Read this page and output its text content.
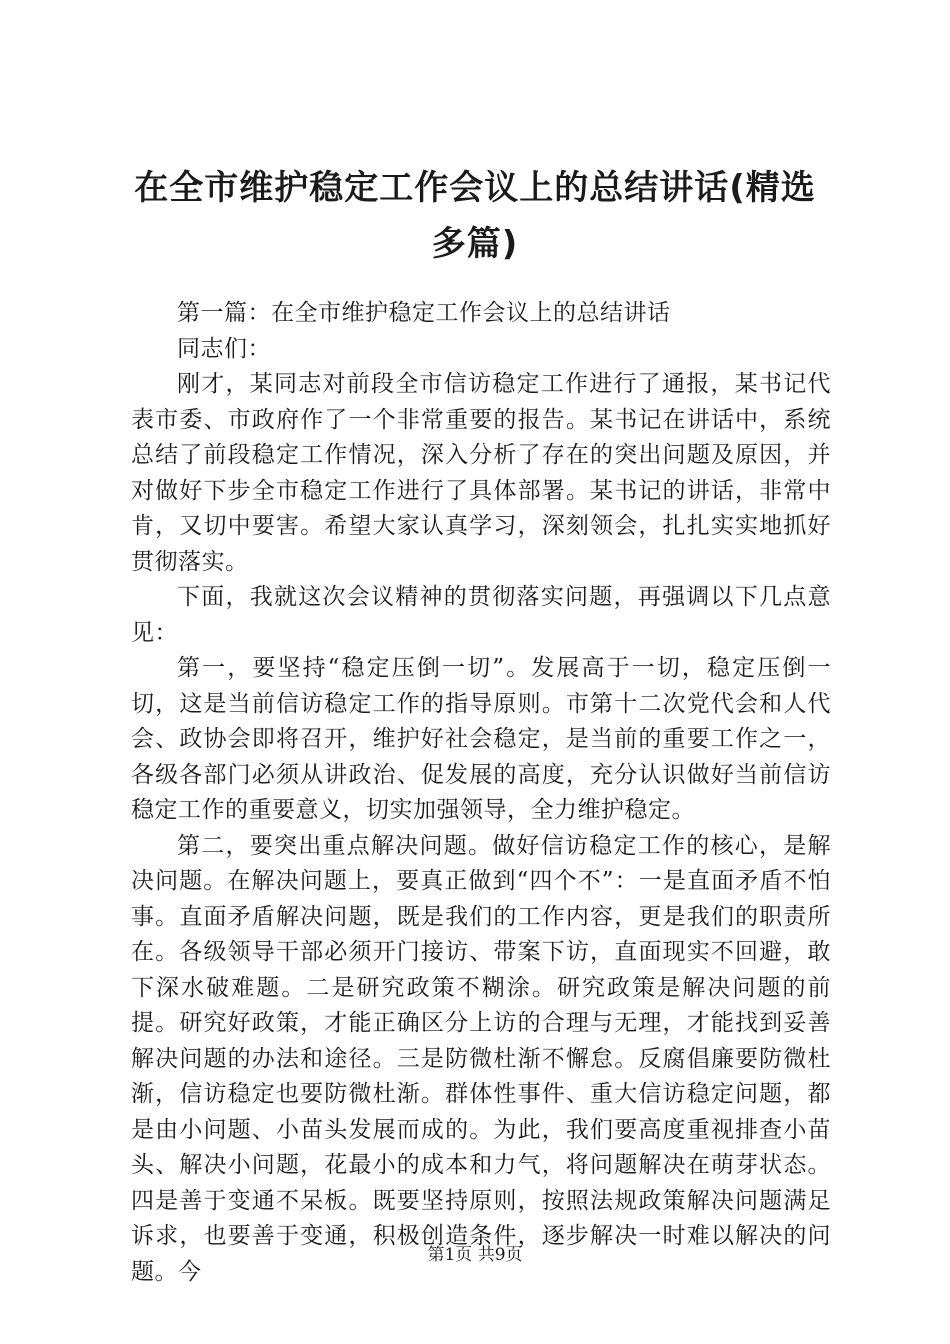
在全市维护稳定工作会议上的总结讲话(精选多篇)

第一篇：在全市维护稳定工作会议上的总结讲话

同志们：

刚才，某同志对前段全市信访稳定工作进行了通报，某书记代表市委、市政府作了一个非常重要的报告。某书记在讲话中，系统总结了前段稳定工作情况，深入分析了存在的突出问题及原因，并对做好下步全市稳定工作进行了具体部署。某书记的讲话，非常中肯，又切中要害。希望大家认真学习，深刻领会，扎扎实实地抓好贯彻落实。

下面，我就这次会议精神的贯彻落实问题，再强调以下几点意见：

第一，要坚持“稳定压倒一切”。发展高于一切，稳定压倒一切，这是当前信访稳定工作的指导原则。市第十二次党代会和人代会、政协会即将召开，维护好社会稳定，是当前的重要工作之一，各级各部门必须从讲政治、促发展的高度，充分认识做好当前信访稳定工作的重要意义，切实加强领导，全力维护稳定。

第二，要突出重点解决问题。做好信访稳定工作的核心，是解决问题。在解决问题上，要真正做到“四个不”：一是直面矛盾不怕事。直面矛盾解决问题，既是我们的工作内容，更是我们的职责所在。各级领导干部必须开门接访、带案下访，直面现实不回避，敢下深水破难题。二是研究政策不糊涂。研究政策是解决问题的前提。研究好政策，才能正确区分上访的合理与无理，才能找到妥善解决问题的办法和途径。三是防微杜渐不懈怠。反腐倡廉要防微杜渐，信访稳定也要防微杜渐。群体性事件、重大信访稳定问题，都是由小问题、小苗头发展而成的。为此，我们要高度重视排查小苗头、解决小问题，花最小的成本和力气，将问题解决在萌芽状态。四是善于变通不呆板。既要坚持原则，按照法规政策解决问题满足诉求，也要善于变通，积极创造条件，逐步解决一时难以解决的问题。今

第1页 共9页
